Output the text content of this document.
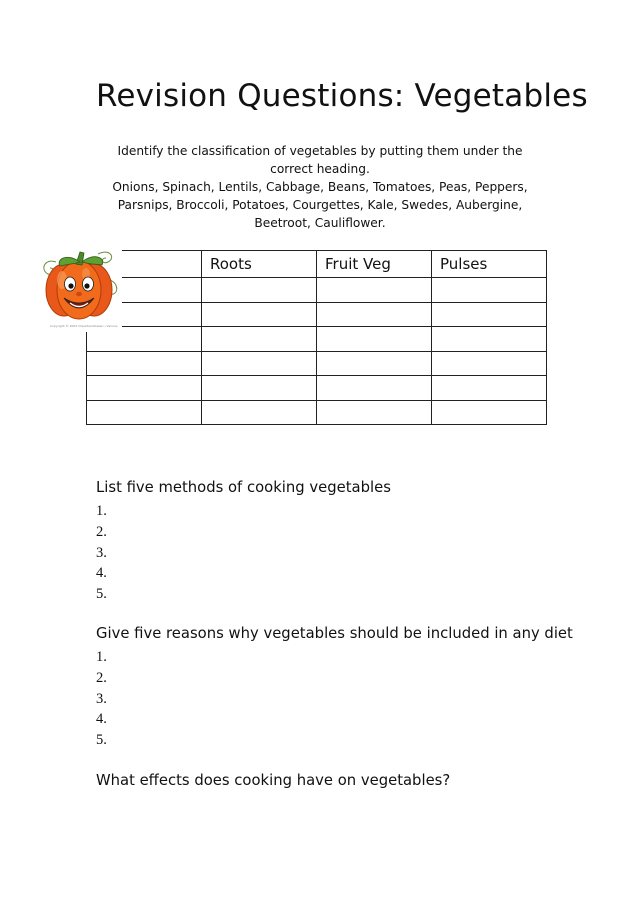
Revision Questions: Vegetables

Identify the classification of vegetables by putting them under the correct heading.

Onions, Spinach, Lentils, Cabbage, Beans, Tomatoes, Peas, Peppers, Parsnips, Broccoli, Potatoes, Courgettes, Kale, Swedes, Aubergine, Beetroot, Cauliflower.

Copyright © 2003 Clipartandclassic / Various
	Roots	Fruit Veg	Pulses

List five methods of cooking vegetables

1.
2.
3.
4.
5.

Give five reasons why vegetables should be included in any diet

1.
2.
3.
4.
5.

What effects does cooking have on vegetables?
